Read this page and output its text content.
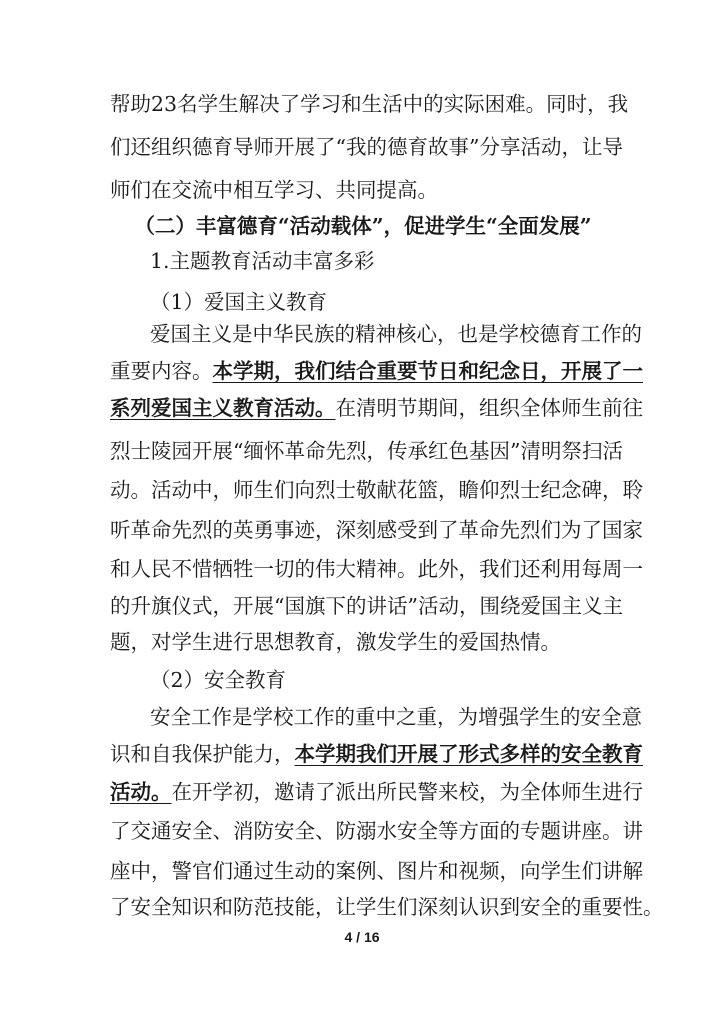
帮助23名学生解决了学习和生活中的实际困难。同时，我
们还组织德育导师开展了“我的德育故事”分享活动，让导
师们在交流中相互学习、共同提高。
（二）丰富德育“活动载体”，促进学生“全面发展”
1.主题教育活动丰富多彩
（1）爱国主义教育
爱国主义是中华民族的精神核心，也是学校德育工作的
重要内容。本学期，我们结合重要节日和纪念日，开展了一
系列爱国主义教育活动。在清明节期间，组织全体师生前往
烈士陵园开展“缅怀革命先烈，传承红色基因”清明祭扫活
动。活动中，师生们向烈士敬献花篮，瞻仰烈士纪念碑，聆
听革命先烈的英勇事迹，深刻感受到了革命先烈们为了国家
和人民不惜牺牲一切的伟大精神。此外，我们还利用每周一
的升旗仪式，开展“国旗下的讲话”活动，围绕爱国主义主
题，对学生进行思想教育，激发学生的爱国热情。
（2）安全教育
安全工作是学校工作的重中之重，为增强学生的安全意
识和自我保护能力，本学期我们开展了形式多样的安全教育
活动。在开学初，邀请了派出所民警来校，为全体师生进行
了交通安全、消防安全、防溺水安全等方面的专题讲座。讲
座中，警官们通过生动的案例、图片和视频，向学生们讲解
了安全知识和防范技能，让学生们深刻认识到安全的重要性。
4 / 16
